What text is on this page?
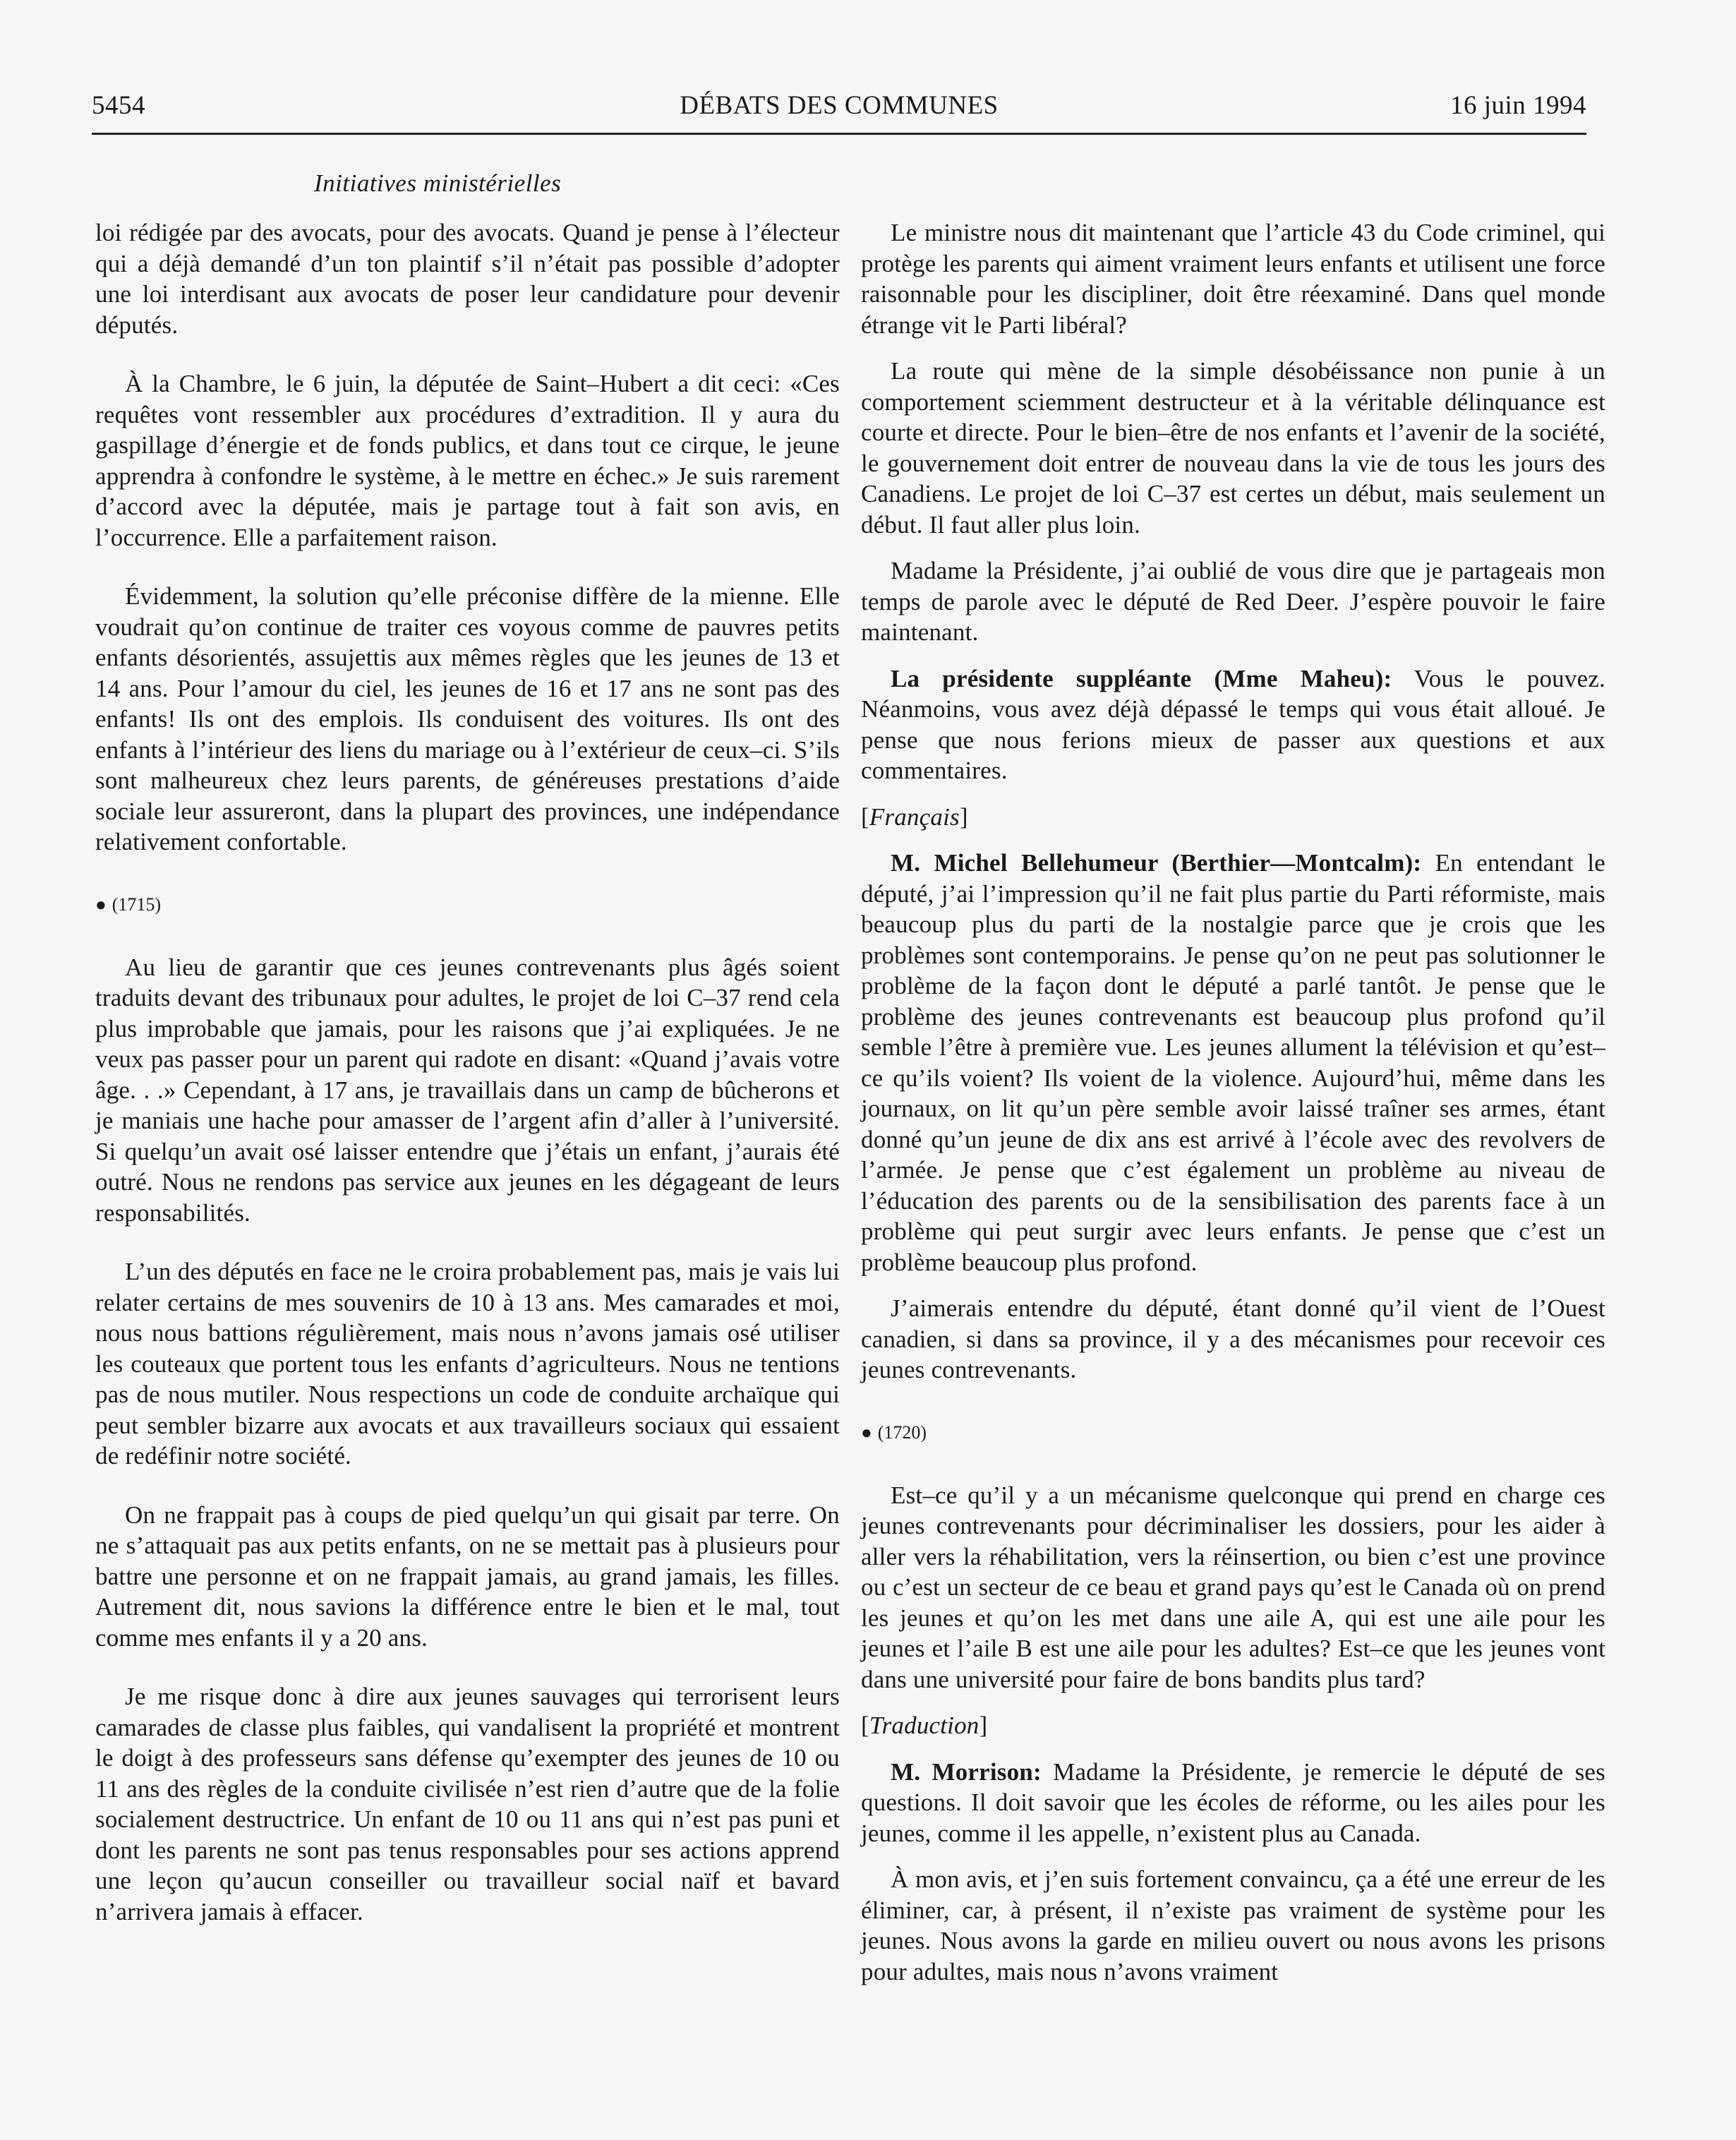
5454	DÉBATS DES COMMUNES	16 juin 1994
Initiatives ministérielles

loi rédigée par des avocats, pour des avocats. Quand je pense à l’électeur qui a déjà demandé d’un ton plaintif s’il n’était pas possible d’adopter une loi interdisant aux avocats de poser leur candidature pour devenir députés.

À la Chambre, le 6 juin, la députée de Saint–Hubert a dit ceci: «Ces requêtes vont ressembler aux procédures d’extradition. Il y aura du gaspillage d’énergie et de fonds publics, et dans tout ce cirque, le jeune apprendra à confondre le système, à le mettre en échec.» Je suis rarement d’accord avec la députée, mais je partage tout à fait son avis, en l’occurrence. Elle a parfaitement raison.

Évidemment, la solution qu’elle préconise diffère de la mienne. Elle voudrait qu’on continue de traiter ces voyous comme de pauvres petits enfants désorientés, assujettis aux mêmes règles que les jeunes de 13 et 14 ans. Pour l’amour du ciel, les jeunes de 16 et 17 ans ne sont pas des enfants! Ils ont des emplois. Ils conduisent des voitures. Ils ont des enfants à l’intérieur des liens du mariage ou à l’extérieur de ceux–ci. S’ils sont malheureux chez leurs parents, de généreuses prestations d’aide sociale leur assureront, dans la plupart des provinces, une indépendance relativement confortable.

● (1715)

Au lieu de garantir que ces jeunes contrevenants plus âgés soient traduits devant des tribunaux pour adultes, le projet de loi C–37 rend cela plus improbable que jamais, pour les raisons que j’ai expliquées. Je ne veux pas passer pour un parent qui radote en disant: «Quand j’avais votre âge. . .» Cependant, à 17 ans, je travaillais dans un camp de bûcherons et je maniais une hache pour amasser de l’argent afin d’aller à l’université. Si quelqu’un avait osé laisser entendre que j’étais un enfant, j’aurais été outré. Nous ne rendons pas service aux jeunes en les dégageant de leurs responsabilités.

L’un des députés en face ne le croira probablement pas, mais je vais lui relater certains de mes souvenirs de 10 à 13 ans. Mes camarades et moi, nous nous battions régulièrement, mais nous n’avons jamais osé utiliser les couteaux que portent tous les enfants d’agriculteurs. Nous ne tentions pas de nous mutiler. Nous respections un code de conduite archaïque qui peut sembler bizarre aux avocats et aux travailleurs sociaux qui essaient de redéfinir notre société.

On ne frappait pas à coups de pied quelqu’un qui gisait par terre. On ne s’attaquait pas aux petits enfants, on ne se mettait pas à plusieurs pour battre une personne et on ne frappait jamais, au grand jamais, les filles. Autrement dit, nous savions la différence entre le bien et le mal, tout comme mes enfants il y a 20 ans.

Je me risque donc à dire aux jeunes sauvages qui terrorisent leurs camarades de classe plus faibles, qui vandalisent la propriété et montrent le doigt à des professeurs sans défense qu’exempter des jeunes de 10 ou 11 ans des règles de la conduite civilisée n’est rien d’autre que de la folie socialement destructrice. Un enfant de 10 ou 11 ans qui n’est pas puni et dont les parents ne sont pas tenus responsables pour ses actions apprend une leçon qu’aucun conseiller ou travailleur social naïf et bavard n’arrivera jamais à effacer.

Le ministre nous dit maintenant que l’article 43 du Code criminel, qui protège les parents qui aiment vraiment leurs enfants et utilisent une force raisonnable pour les discipliner, doit être réexaminé. Dans quel monde étrange vit le Parti libéral?

La route qui mène de la simple désobéissance non punie à un comportement sciemment destructeur et à la véritable délinquance est courte et directe. Pour le bien–être de nos enfants et l’avenir de la société, le gouvernement doit entrer de nouveau dans la vie de tous les jours des Canadiens. Le projet de loi C–37 est certes un début, mais seulement un début. Il faut aller plus loin.

Madame la Présidente, j’ai oublié de vous dire que je partageais mon temps de parole avec le député de Red Deer. J’espère pouvoir le faire maintenant.

La présidente suppléante (Mme Maheu): Vous le pouvez. Néanmoins, vous avez déjà dépassé le temps qui vous était alloué. Je pense que nous ferions mieux de passer aux questions et aux commentaires.

[Français]

M. Michel Bellehumeur (Berthier—Montcalm): En entendant le député, j’ai l’impression qu’il ne fait plus partie du Parti réformiste, mais beaucoup plus du parti de la nostalgie parce que je crois que les problèmes sont contemporains. Je pense qu’on ne peut pas solutionner le problème de la façon dont le député a parlé tantôt. Je pense que le problème des jeunes contrevenants est beaucoup plus profond qu’il semble l’être à première vue. Les jeunes allument la télévision et qu’est–ce qu’ils voient? Ils voient de la violence. Aujourd’hui, même dans les journaux, on lit qu’un père semble avoir laissé traîner ses armes, étant donné qu’un jeune de dix ans est arrivé à l’école avec des revolvers de l’armée. Je pense que c’est également un problème au niveau de l’éducation des parents ou de la sensibilisation des parents face à un problème qui peut surgir avec leurs enfants. Je pense que c’est un problème beaucoup plus profond.

J’aimerais entendre du député, étant donné qu’il vient de l’Ouest canadien, si dans sa province, il y a des mécanismes pour recevoir ces jeunes contrevenants.

● (1720)

Est–ce qu’il y a un mécanisme quelconque qui prend en charge ces jeunes contrevenants pour décriminaliser les dossiers, pour les aider à aller vers la réhabilitation, vers la réinsertion, ou bien c’est une province ou c’est un secteur de ce beau et grand pays qu’est le Canada où on prend les jeunes et qu’on les met dans une aile A, qui est une aile pour les jeunes et l’aile B est une aile pour les adultes? Est–ce que les jeunes vont dans une université pour faire de bons bandits plus tard?

[Traduction]

M. Morrison: Madame la Présidente, je remercie le député de ses questions. Il doit savoir que les écoles de réforme, ou les ailes pour les jeunes, comme il les appelle, n’existent plus au Canada.

À mon avis, et j’en suis fortement convaincu, ça a été une erreur de les éliminer, car, à présent, il n’existe pas vraiment de système pour les jeunes. Nous avons la garde en milieu ouvert ou nous avons les prisons pour adultes, mais nous n’avons vraiment
